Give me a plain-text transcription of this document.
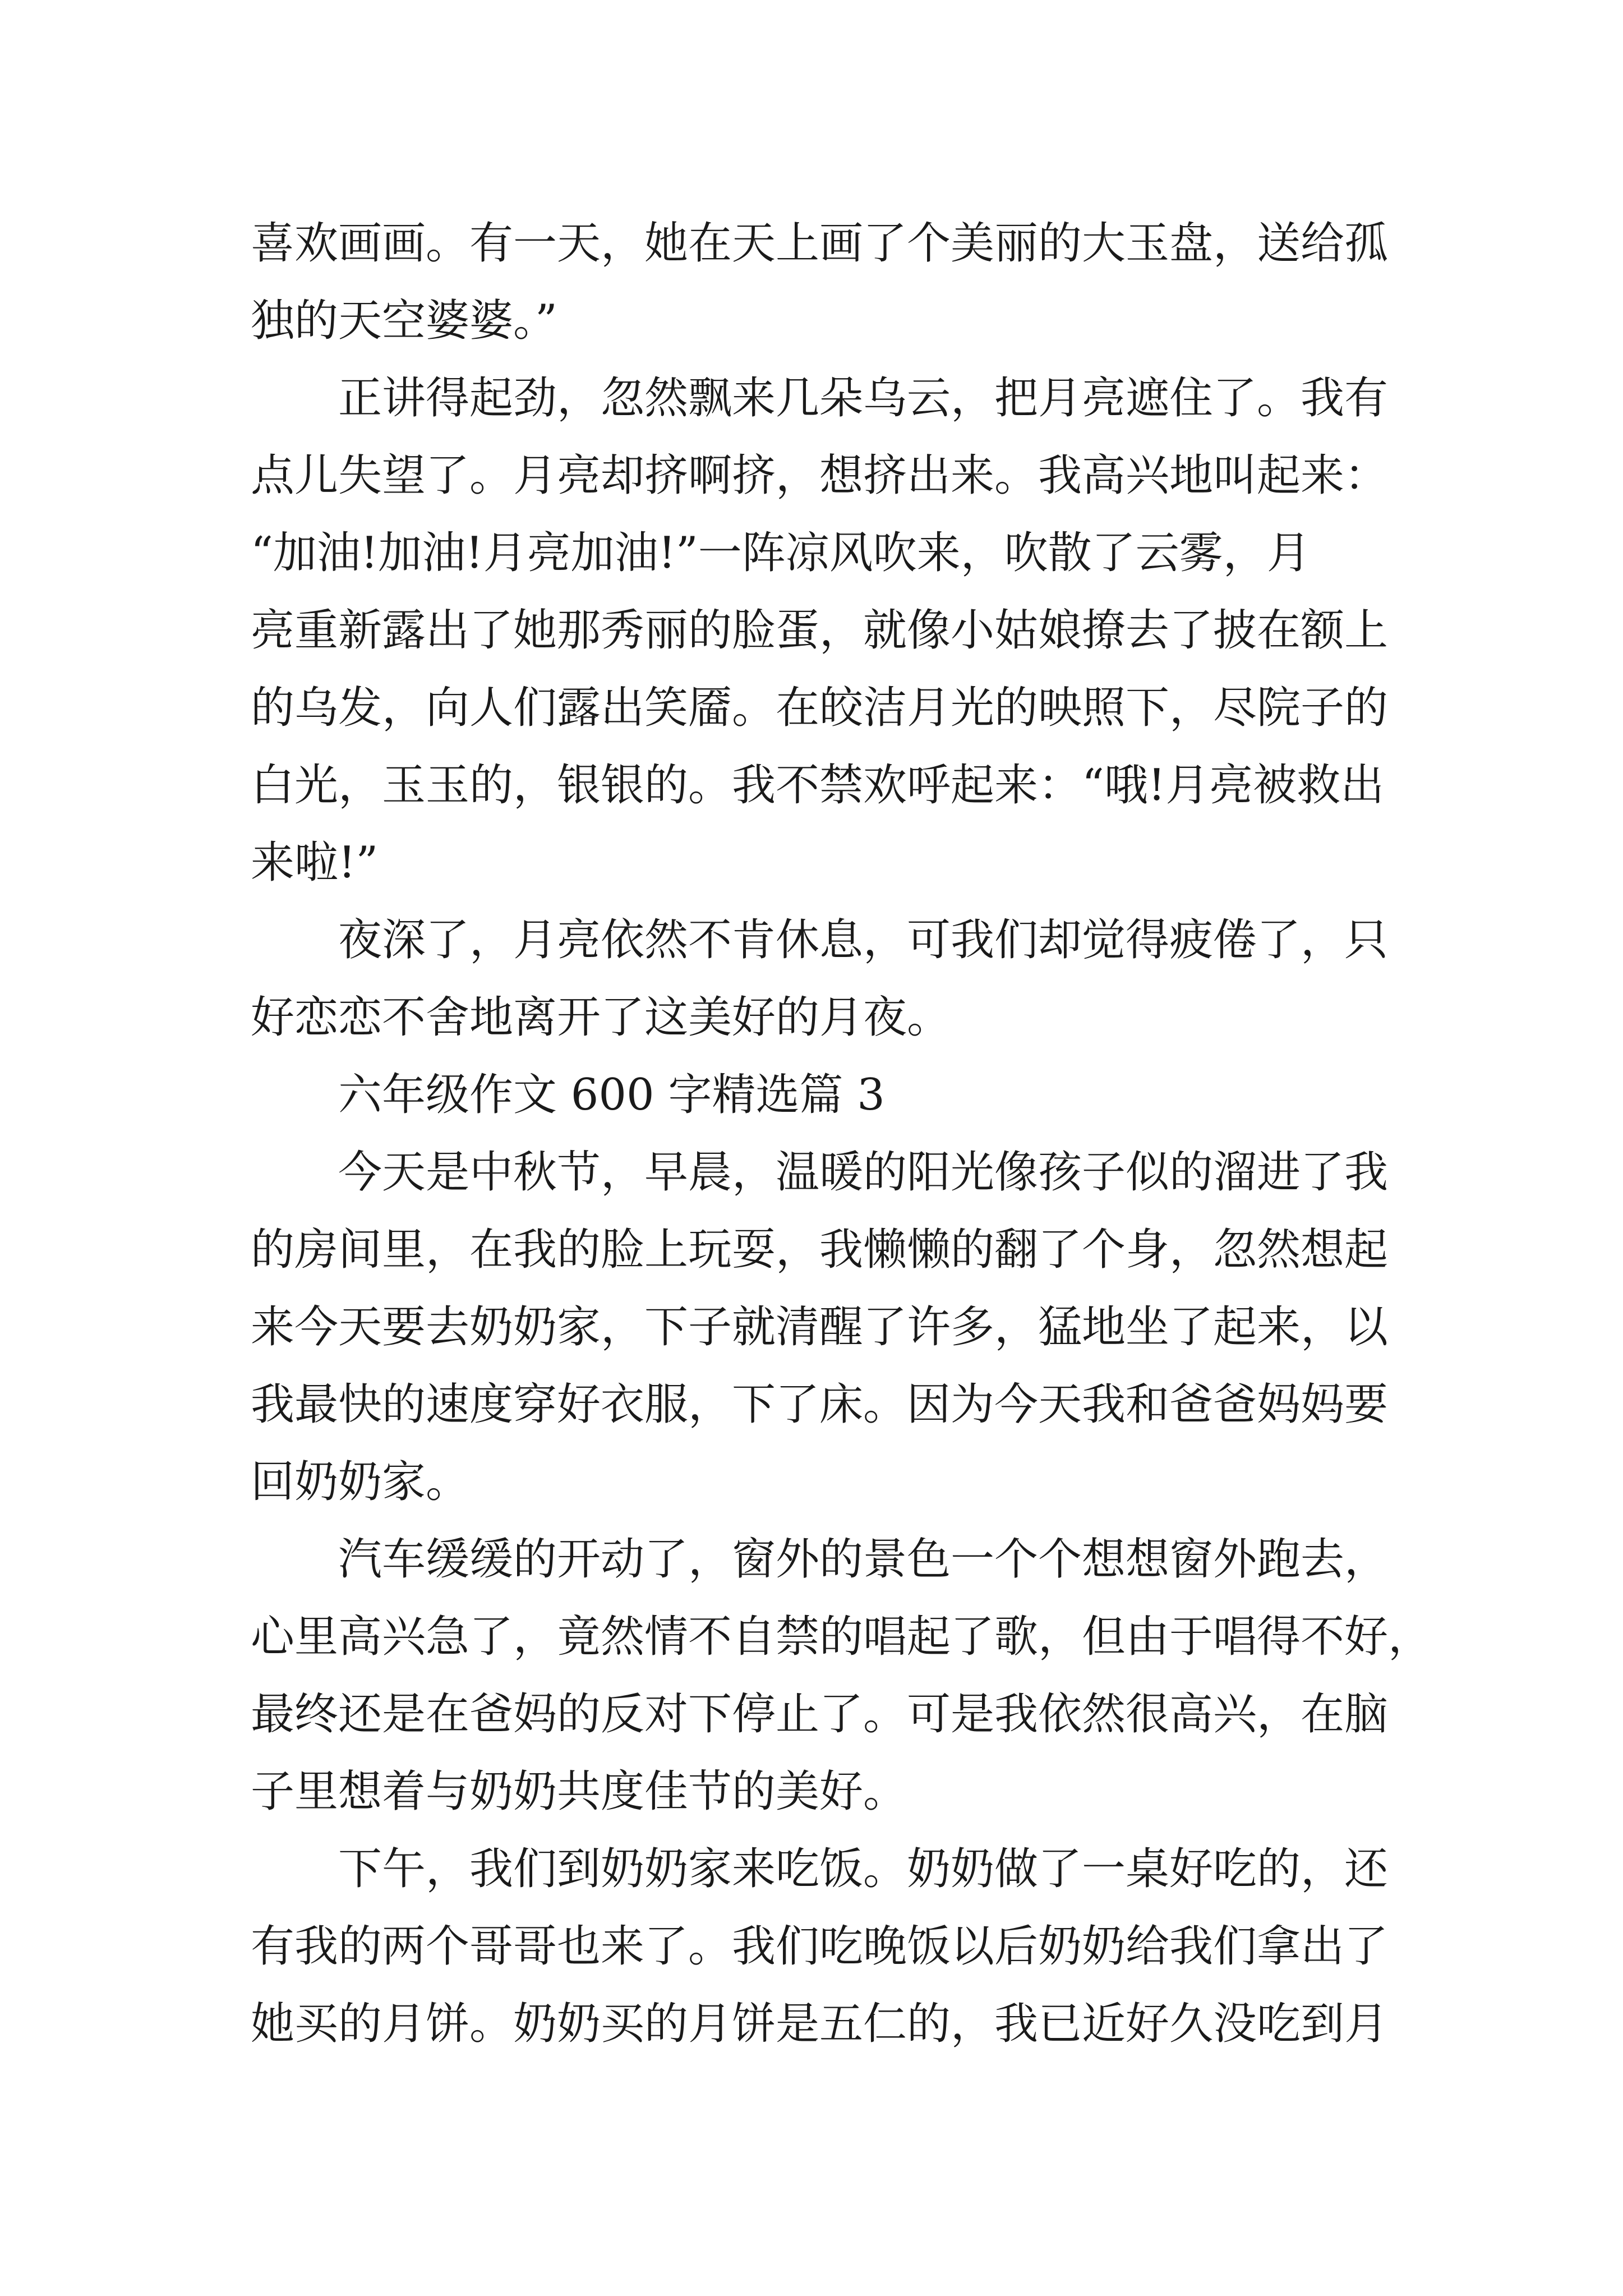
喜欢画画。有一天，她在天上画了个美丽的大玉盘，送给孤
独的天空婆婆。”
正讲得起劲，忽然飘来几朵乌云，把月亮遮住了。我有
点儿失望了。月亮却挤啊挤，想挤出来。我高兴地叫起来：
“加油!加油!月亮加油!”一阵凉风吹来，吹散了云雾，月
亮重新露出了她那秀丽的脸蛋，就像小姑娘撩去了披在额上
的乌发，向人们露出笑靥。在皎洁月光的映照下，尽院子的
白光，玉玉的，银银的。我不禁欢呼起来：“哦!月亮被救出
来啦!”
夜深了，月亮依然不肯休息，可我们却觉得疲倦了，只
好恋恋不舍地离开了这美好的月夜。
六年级作文 600 字精选篇 3
今天是中秋节，早晨，温暖的阳光像孩子似的溜进了我
的房间里，在我的脸上玩耍，我懒懒的翻了个身，忽然想起
来今天要去奶奶家，下子就清醒了许多，猛地坐了起来，以
我最快的速度穿好衣服，下了床。因为今天我和爸爸妈妈要
回奶奶家。
汽车缓缓的开动了，窗外的景色一个个想想窗外跑去，
心里高兴急了，竟然情不自禁的唱起了歌，但由于唱得不好，
最终还是在爸妈的反对下停止了。可是我依然很高兴，在脑
子里想着与奶奶共度佳节的美好。
下午，我们到奶奶家来吃饭。奶奶做了一桌好吃的，还
有我的两个哥哥也来了。我们吃晚饭以后奶奶给我们拿出了
她买的月饼。奶奶买的月饼是五仁的，我已近好久没吃到月
